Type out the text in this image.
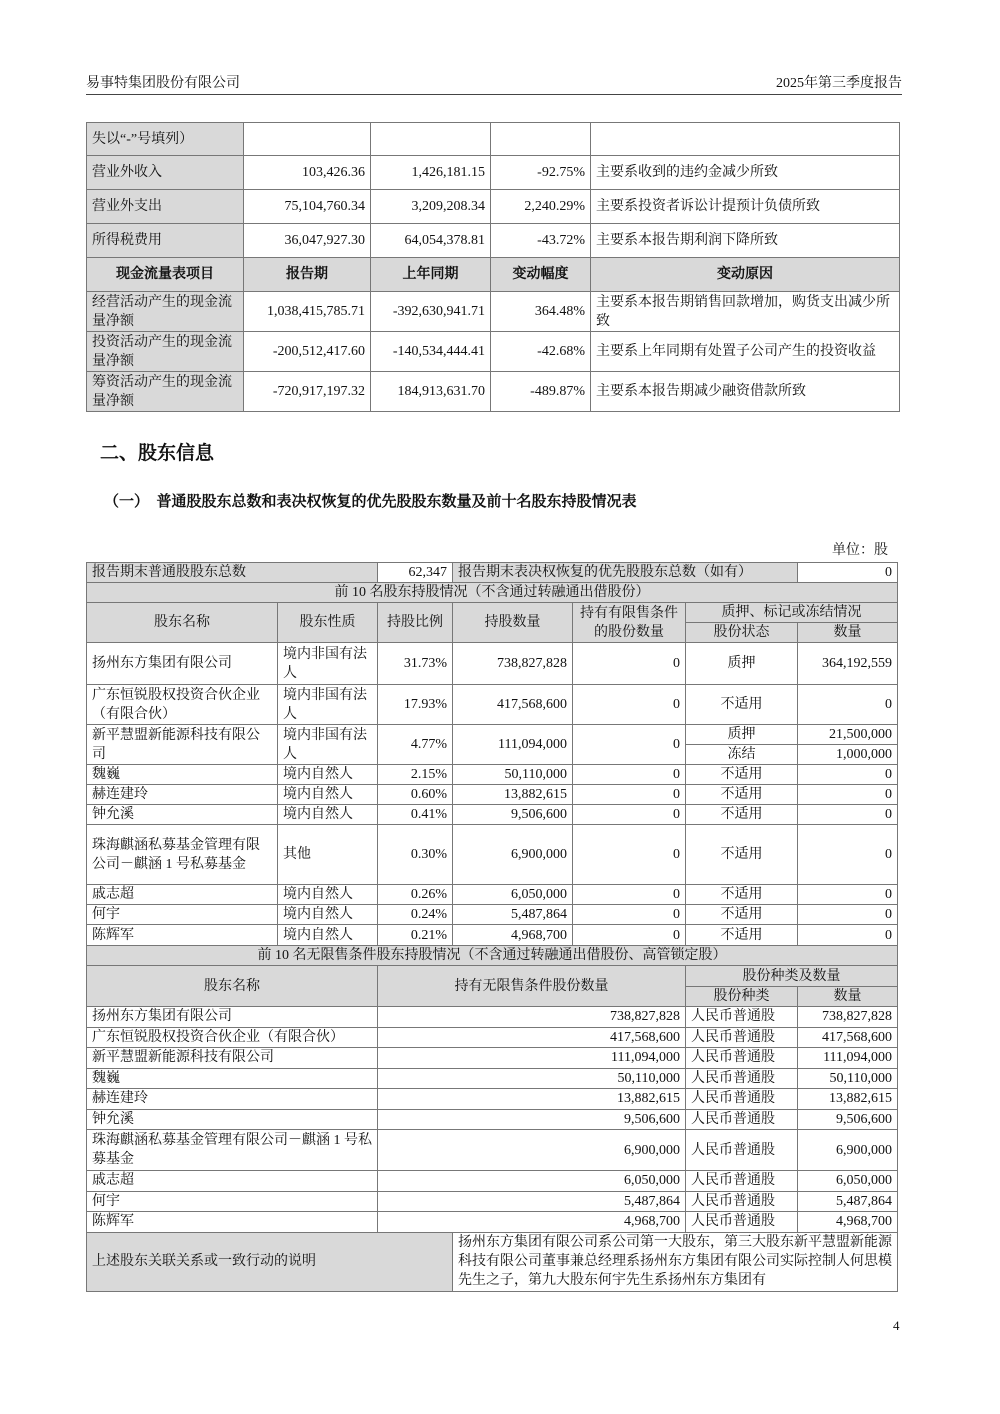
易事特集团股份有限公司	2025年第三季度报告
失以“-”号填列）				
营业外收入	103,426.36	1,426,181.15	-92.75%	主要系收到的违约金减少所致
营业外支出	75,104,760.34	3,209,208.34	2,240.29%	主要系投资者诉讼计提预计负债所致
所得税费用	36,047,927.30	64,054,378.81	-43.72%	主要系本报告期利润下降所致
现金流量表项目	报告期	上年同期	变动幅度	变动原因
经营活动产生的现金流量净额	1,038,415,785.71	-392,630,941.71	364.48%	主要系本报告期销售回款增加，购货支出减少所致
投资活动产生的现金流量净额	-200,512,417.60	-140,534,444.41	-42.68%	主要系上年同期有处置子公司产生的投资收益
筹资活动产生的现金流量净额	-720,917,197.32	184,913,631.70	-489.87%	主要系本报告期减少融资借款所致
二、股东信息
（一）  普通股股东总数和表决权恢复的优先股股东数量及前十名股东持股情况表
单位：股
报告期末普通股股东总数		62,347	报告期末表决权恢复的优先股股东总数（如有）			0
前 10 名股东持股情况（不含通过转融通出借股份）						
股东名称	股东性质	持股比例	持股数量	持有有限售条件的股份数量	质押、标记或冻结情况	
					股份状态	数量
扬州东方集团有限公司	境内非国有法人	31.73%	738,827,828	0	质押	364,192,559
广东恒锐股权投资合伙企业（有限合伙）	境内非国有法人	17.93%	417,568,600	0	不适用	0
新平慧盟新能源科技有限公司	境内非国有法人	4.77%	111,094,000	0	质押	21,500,000
					冻结	1,000,000
魏巍	境内自然人	2.15%	50,110,000	0	不适用	0
赫连建玲	境内自然人	0.60%	13,882,615	0	不适用	0
钟允溪	境内自然人	0.41%	9,506,600	0	不适用	0
珠海麒涵私募基金管理有限公司－麒涵 1 号私募基金	其他	0.30%	6,900,000	0	不适用	0
戚志超	境内自然人	0.26%	6,050,000	0	不适用	0
何宇	境内自然人	0.24%	5,487,864	0	不适用	0
陈辉军	境内自然人	0.21%	4,968,700	0	不适用	0
前 10 名无限售条件股东持股情况（不含通过转融通出借股份、高管锁定股）						
股东名称		持有无限售条件股份数量			股份种类及数量	
					股份种类	数量
扬州东方集团有限公司		738,827,828			人民币普通股	738,827,828
广东恒锐股权投资合伙企业（有限合伙）		417,568,600			人民币普通股	417,568,600
新平慧盟新能源科技有限公司		111,094,000			人民币普通股	111,094,000
魏巍		50,110,000			人民币普通股	50,110,000
赫连建玲		13,882,615			人民币普通股	13,882,615
钟允溪		9,506,600			人民币普通股	9,506,600
珠海麒涵私募基金管理有限公司－麒涵 1 号私募基金		6,900,000			人民币普通股	6,900,000
戚志超		6,050,000			人民币普通股	6,050,000
何宇		5,487,864			人民币普通股	5,487,864
陈辉军		4,968,700			人民币普通股	4,968,700
上述股东关联关系或一致行动的说明			扬州东方集团有限公司系公司第一大股东，第三大股东新平慧盟新能源科技有限公司董事兼总经理系扬州东方集团有限公司实际控制人何思模先生之子，第九大股东何宇先生系扬州东方集团有			
4
